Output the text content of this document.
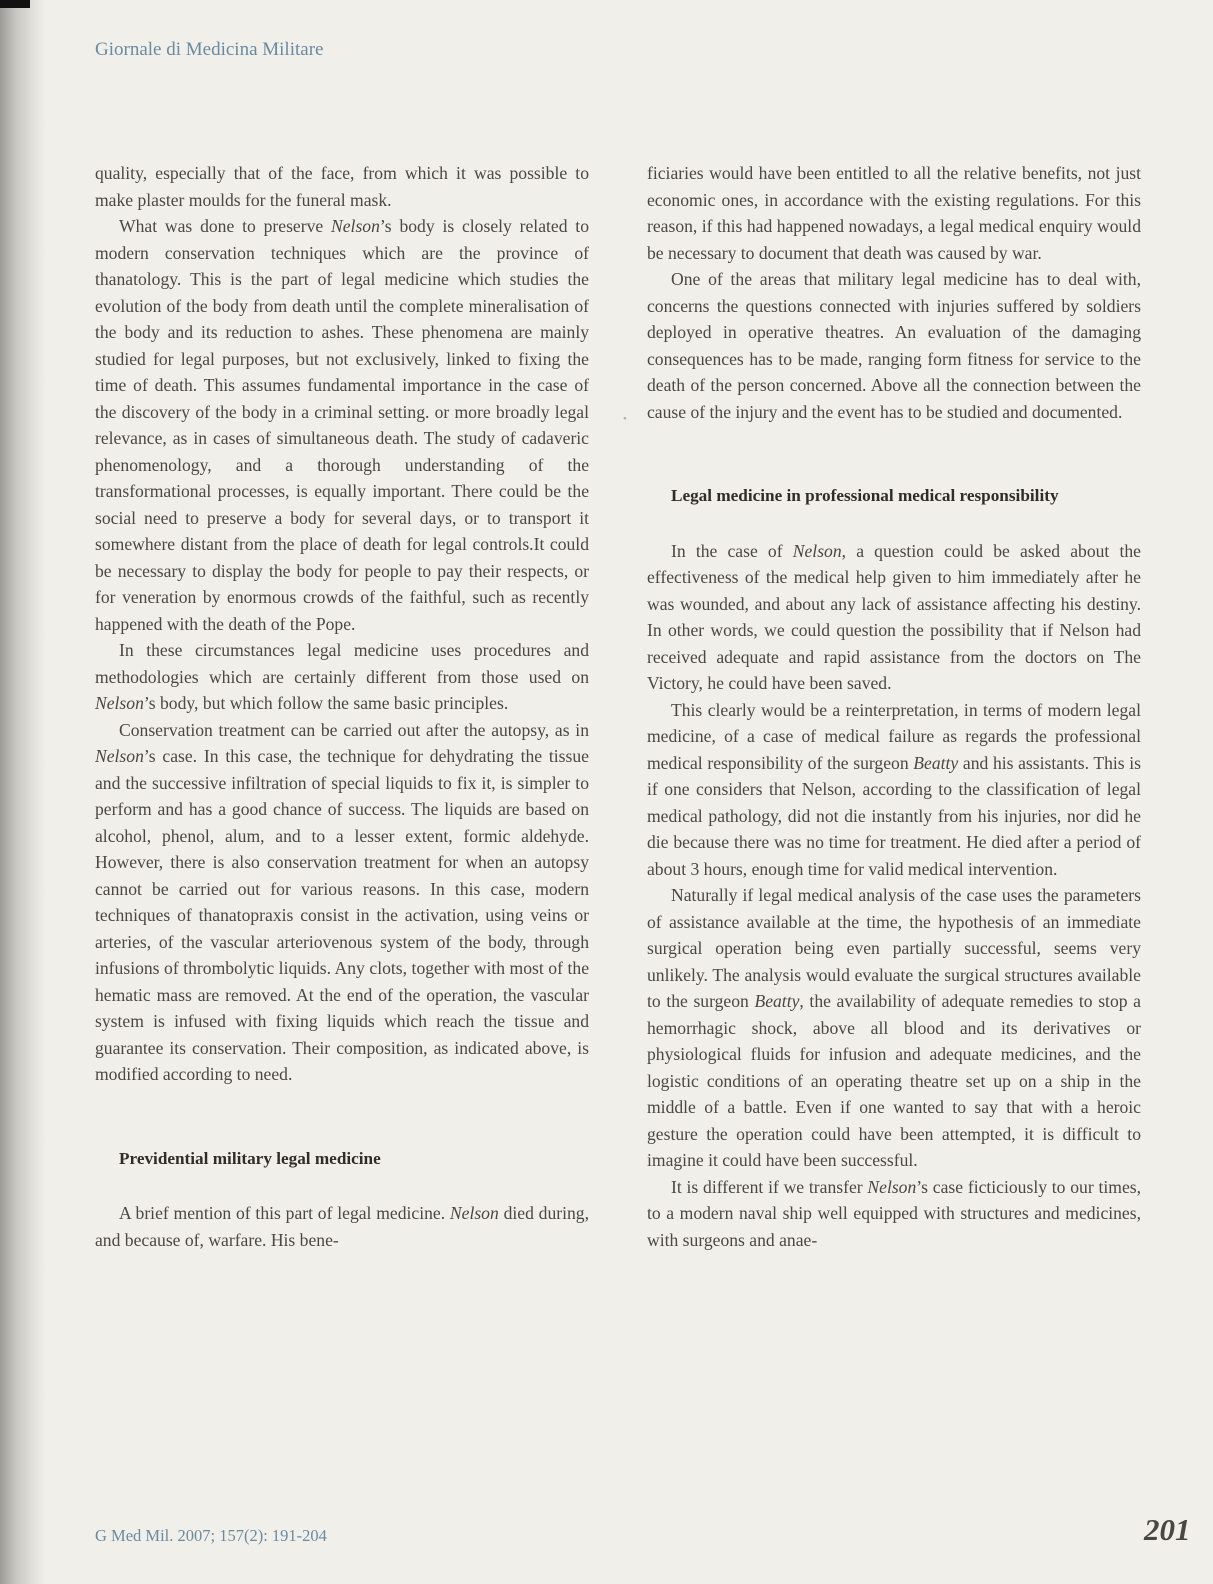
Giornale di Medicina Militare

quality, especially that of the face, from which it was possible to make plaster moulds for the funeral mask.

What was done to preserve Nelson’s body is closely related to modern conservation techniques which are the province of thanatology. This is the part of legal medicine which studies the evolution of the body from death until the complete mineralisation of the body and its reduction to ashes. These phenomena are mainly studied for legal purposes, but not exclusively, linked to fixing the time of death. This assumes fundamental importance in the case of the discovery of the body in a criminal setting. or more broadly legal relevance, as in cases of simultaneous death. The study of cadaveric phenomenology, and a thorough understanding of the transformational processes, is equally important. There could be the social need to preserve a body for several days, or to transport it somewhere distant from the place of death for legal controls.It could be necessary to display the body for people to pay their respects, or for veneration by enormous crowds of the faithful, such as recently happened with the death of the Pope.

In these circumstances legal medicine uses procedures and methodologies which are certainly different from those used on Nelson’s body, but which follow the same basic principles.

Conservation treatment can be carried out after the autopsy, as in Nelson’s case. In this case, the technique for dehydrating the tissue and the successive infiltration of special liquids to fix it, is simpler to perform and has a good chance of success. The liquids are based on alcohol, phenol, alum, and to a lesser extent, formic aldehyde. However, there is also conservation treatment for when an autopsy cannot be carried out for various reasons. In this case, modern techniques of thanatopraxis consist in the activation, using veins or arteries, of the vascular arteriovenous system of the body, through infusions of thrombolytic liquids. Any clots, together with most of the hematic mass are removed. At the end of the operation, the vascular system is infused with fixing liquids which reach the tissue and guarantee its conservation. Their composition, as indicated above, is modified according to need.

Previdential military legal medicine

A brief mention of this part of legal medicine. Nelson died during, and because of, warfare. His bene-

ficiaries would have been entitled to all the relative benefits, not just economic ones, in accordance with the existing regulations. For this reason, if this had happened nowadays, a legal medical enquiry would be necessary to document that death was caused by war.

One of the areas that military legal medicine has to deal with, concerns the questions connected with injuries suffered by soldiers deployed in operative theatres. An evaluation of the damaging consequences has to be made, ranging form fitness for service to the death of the person concerned. Above all the connection between the cause of the injury and the event has to be studied and documented.

Legal medicine in professional medical responsibility

In the case of Nelson, a question could be asked about the effectiveness of the medical help given to him immediately after he was wounded, and about any lack of assistance affecting his destiny. In other words, we could question the possibility that if Nelson had received adequate and rapid assistance from the doctors on The Victory, he could have been saved.

This clearly would be a reinterpretation, in terms of modern legal medicine, of a case of medical failure as regards the professional medical responsibility of the surgeon Beatty and his assistants. This is if one considers that Nelson, according to the classification of legal medical pathology, did not die instantly from his injuries, nor did he die because there was no time for treatment. He died after a period of about 3 hours, enough time for valid medical intervention.

Naturally if legal medical analysis of the case uses the parameters of assistance available at the time, the hypothesis of an immediate surgical operation being even partially successful, seems very unlikely. The analysis would evaluate the surgical structures available to the surgeon Beatty, the availability of adequate remedies to stop a hemorrhagic shock, above all blood and its derivatives or physiological fluids for infusion and adequate medicines, and the logistic conditions of an operating theatre set up on a ship in the middle of a battle. Even if one wanted to say that with a heroic gesture the operation could have been attempted, it is difficult to imagine it could have been successful.

It is different if we transfer Nelson’s case ficticiously to our times, to a modern naval ship well equipped with structures and medicines, with surgeons and anae-

•
G Med Mil. 2007; 157(2): 191-204	201
